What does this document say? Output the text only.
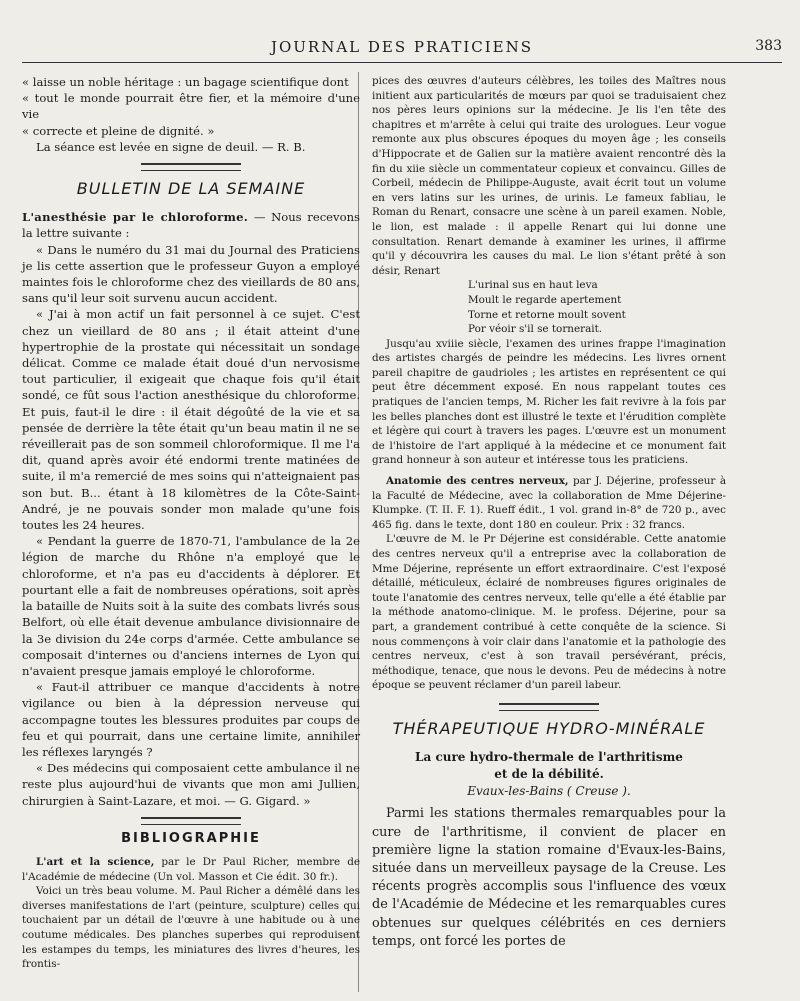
JOURNAL DES PRATICIENS	383

« laisse un noble héritage : un bagage scientifique dont

« tout le monde pourrait être fier, et la mémoire d'une vie

« correcte et pleine de dignité. »

La séance est levée en signe de deuil. — R. B.

BULLETIN DE LA SEMAINE

L'anesthésie par le chloroforme. — Nous recevons la lettre suivante :

« Dans le numéro du 31 mai du Journal des Praticiens je lis cette assertion que le professeur Guyon a employé maintes fois le chloroforme chez des vieillards de 80 ans, sans qu'il leur soit survenu aucun accident.

« J'ai à mon actif un fait personnel à ce sujet. C'est chez un vieillard de 80 ans ; il était atteint d'une hypertrophie de la prostate qui nécessitait un sondage délicat. Comme ce malade était doué d'un nervosisme tout particulier, il exigeait que chaque fois qu'il était sondé, ce fût sous l'action anesthésique du chloroforme. Et puis, faut-il le dire : il était dégoûté de la vie et sa pensée de derrière la tête était qu'un beau matin il ne se réveillerait pas de son sommeil chloroformique. Il me l'a dit, quand après avoir été endormi trente matinées de suite, il m'a remercié de mes soins qui n'atteignaient pas son but. B... étant à 18 kilomètres de la Côte-Saint-André, je ne pouvais sonder mon malade qu'une fois toutes les 24 heures.

« Pendant la guerre de 1870-71, l'ambulance de la 2e légion de marche du Rhône n'a employé que le chloroforme, et n'a pas eu d'accidents à déplorer. Et pourtant elle a fait de nombreuses opérations, soit après la bataille de Nuits soit à la suite des combats livrés sous Belfort, où elle était devenue ambulance divisionnaire de la 3e division du 24e corps d'armée. Cette ambulance se composait d'internes ou d'anciens internes de Lyon qui n'avaient presque jamais employé le chloroforme.

« Faut-il attribuer ce manque d'accidents à notre vigilance ou bien à la dépression nerveuse qui accompagne toutes les blessures produites par coups de feu et qui pourrait, dans une certaine limite, annihiler les réflexes laryngés ?

« Des médecins qui composaient cette ambulance il ne reste plus aujourd'hui de vivants que mon ami Jullien, chirurgien à Saint-Lazare, et moi. — G. Gigard. »

BIBLIOGRAPHIE

L'art et la science, par le Dr Paul Richer, membre de l'Académie de médecine (Un vol. Masson et Cie édit. 30 fr.).

Voici un très beau volume. M. Paul Richer a démêlé dans les diverses manifestations de l'art (peinture, sculpture) celles qui touchaient par un détail de l'œuvre à une habitude ou à une coutume médicales. Des planches superbes qui reproduisent les estampes du temps, les miniatures des livres d'heures, les frontis-

pices des œuvres d'auteurs célèbres, les toiles des Maîtres nous initient aux particularités de mœurs par quoi se traduisaient chez nos pères leurs opinions sur la médecine. Je lis l'en tête des chapitres et m'arrête à celui qui traite des urologues. Leur vogue remonte aux plus obscures époques du moyen âge ; les conseils d'Hippocrate et de Galien sur la matière avaient rencontré dès la fin du xiie siècle un commentateur copieux et convaincu. Gilles de Corbeil, médecin de Philippe-Auguste, avait écrit tout un volume en vers latins sur les urines, de urinis. Le fameux fabliau, le Roman du Renart, consacre une scène à un pareil examen. Noble, le lion, est malade : il appelle Renart qui lui donne une consultation. Renart demande à examiner les urines, il affirme qu'il y découvrira les causes du mal. Le lion s'étant prêté à son désir, Renart

L'urinal sus en haut leva

Moult le regarde apertement

Torne et retorne moult sovent

Por véoir s'il se tornerait.

Jusqu'au xviiie siècle, l'examen des urines frappe l'imagination des artistes chargés de peindre les médecins. Les livres ornent pareil chapitre de gaudrioles ; les artistes en représentent ce qui peut être décemment exposé. En nous rappelant toutes ces pratiques de l'ancien temps, M. Richer les fait revivre à la fois par les belles planches dont est illustré le texte et l'érudition complète et légère qui court à travers les pages. L'œuvre est un monument de l'histoire de l'art appliqué à la médecine et ce monument fait grand honneur à son auteur et intéresse tous les praticiens.

Anatomie des centres nerveux, par J. Déjerine, professeur à la Faculté de Médecine, avec la collaboration de Mme Déjerine-Klumpke. (T. II. F. 1). Rueff édit., 1 vol. grand in-8° de 720 p., avec 465 fig. dans le texte, dont 180 en couleur. Prix : 32 francs.

L'œuvre de M. le Pr Déjerine est considérable. Cette anatomie des centres nerveux qu'il a entreprise avec la collaboration de Mme Déjerine, représente un effort extraordinaire. C'est l'exposé détaillé, méticuleux, éclairé de nombreuses figures originales de toute l'anatomie des centres nerveux, telle qu'elle a été établie par la méthode anatomo-clinique. M. le profess. Déjerine, pour sa part, a grandement contribué à cette conquête de la science. Si nous commençons à voir clair dans l'anatomie et la pathologie des centres nerveux, c'est à son travail persévérant, précis, méthodique, tenace, que nous le devons. Peu de médecins à notre époque se peuvent réclamer d'un pareil labeur.

THÉRAPEUTIQUE HYDRO-MINÉRALE
La cure hydro-thermale de l'arthritisme
et de la débilité.
Evaux-les-Bains ( Creuse ).

Parmi les stations thermales remarquables pour la cure de l'arthritisme, il convient de placer en première ligne la station romaine d'Evaux-les-Bains, située dans un merveilleux paysage de la Creuse. Les récents progrès accomplis sous l'influence des vœux de l'Académie de Médecine et les remarquables cures obtenues sur quelques célébrités en ces derniers temps, ont forcé les portes de
